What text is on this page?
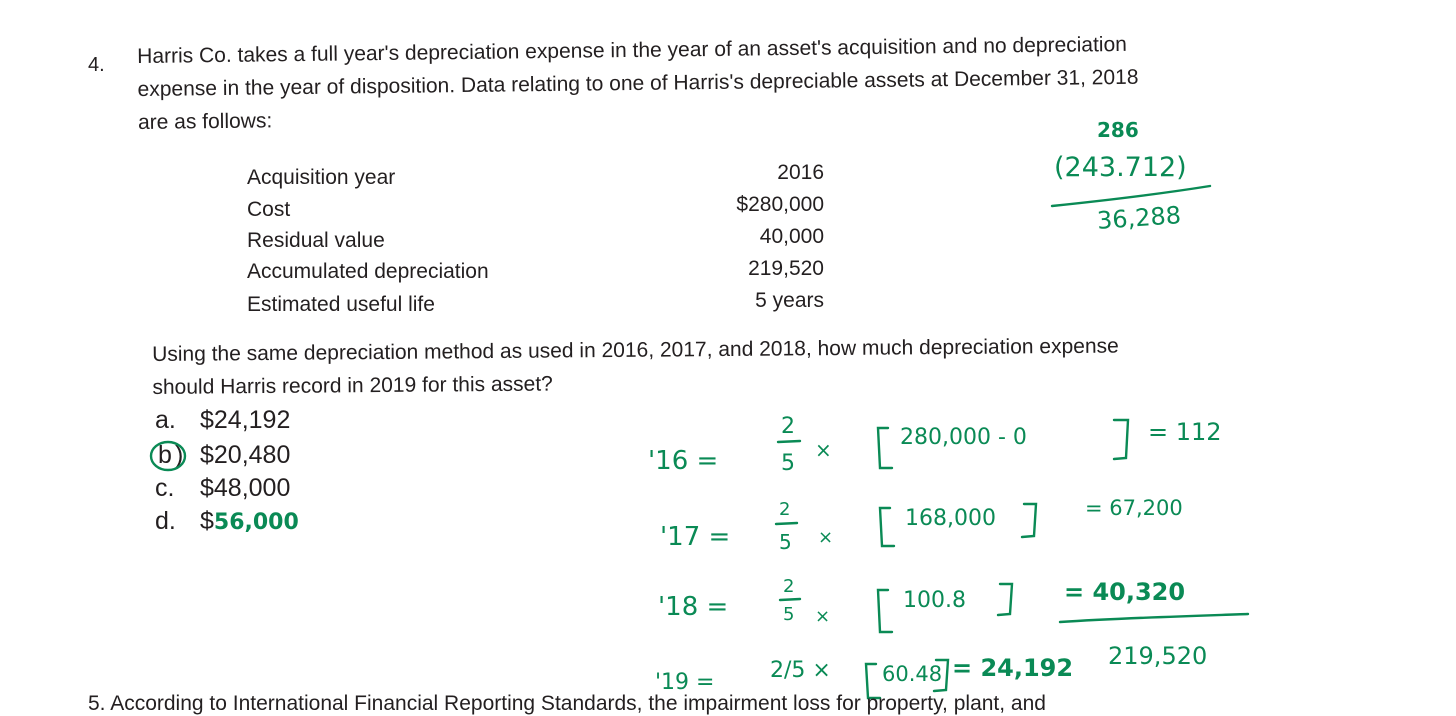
4. Harris Co. takes a full year's depreciation expense in the year of an asset's acquisition and no depreciation

expense in the year of disposition. Data relating to one of Harris's depreciable assets at December 31, 2018

are as follows:

Acquisition year	2016
Cost	$280,000
Residual value	40,000
Accumulated depreciation	219,520
Estimated useful life	5 years

Using the same depreciation method as used in 2016, 2017, and 2018, how much depreciation expense

should Harris record in 2019 for this asset?

a. $24,192
b ) $20,480
c. $48,000
d. $56,000
286
(243.712)
36,288
'16 =
2
5
×	280,000 - 0	= 112
'17 =
2
5 ×
168,000	= 67,200
'18 =
2
5 ×
100.8	= 40,320
'19 =	2/5 × 60.48 = 24,192 219,520
5. According to International Financial Reporting Standards, the impairment loss for property, plant, and
